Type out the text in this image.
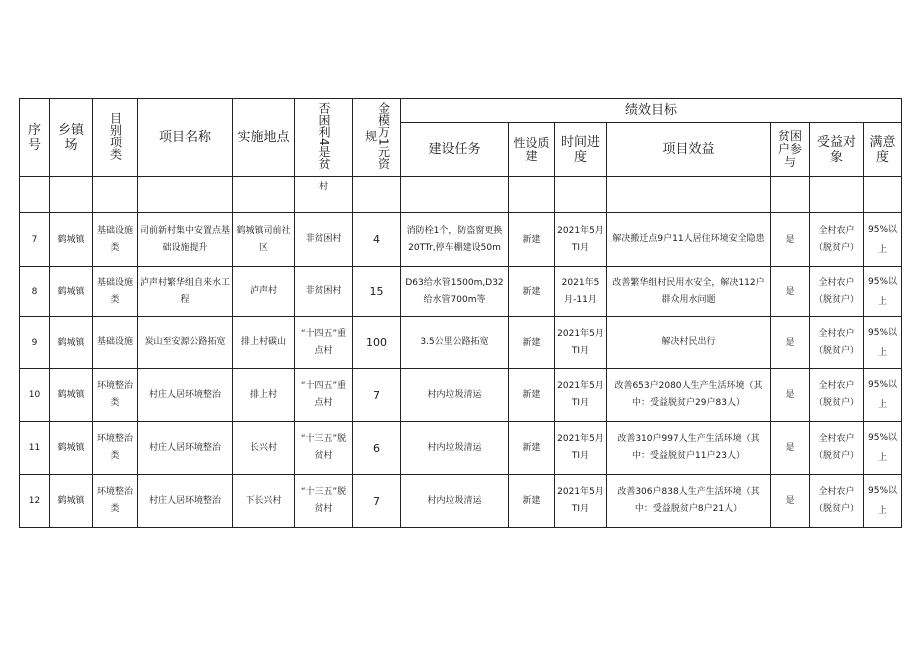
序号	乡镇场	目别项类	项目名称	实施地点	否困利4是贫	金模万1元资规	绩效目标						
							建设任务	性设质建	时间进度	项目效益	贫困户参与	受益对象	满意度
					村								
7	鹤城镇	基础设施类	司前新村集中安置点基础设施提升	鹤城镇司前社区	非贫困村	4	消防栓1个，防盗窗更换20TTr,停车棚建设50m	新建	2021年5月TI月	解决搬迁点9户11人居住环境安全隐患	是	全村农户（脱贫户）	95%以上
8	鹤城镇	基础设施类	泸声村繁华组自来水工程	泸声村	非贫困村	15	D63给水管1500m,D32给水管700m等	新建	2021年5月-11月	改善繁华组村民用水安全，解决112户群众用水问题	是	全村农户（脱贫户）	95%以上
9	鹤城镇	基础设施	炭山至安源公路拓宽	排上村碳山	“十四五”重点村	100	3.5公里公路拓宽	新建	2021年5月TI月	解决村民出行	是	全村农户（脱贫户）	95%以上
10	鹤城镇	环境整治类	村庄人居环境整治	排上村	“十四五”重点村	7	村内垃圾清运	新建	2021年5月TI月	改善653户2080人生产生活环境（其中：受益脱贫户29户83人）	是	全村农户（脱贫户）	95%以上
11	鹤城镇	环境整治类	村庄人居环境整治	长兴村	“十三五”脱贫村	6	村内垃圾清运	新建	2021年5月TI月	改善310户997人生产生活环境（其中：受益脱贫户11户23人）	是	全村农户（脱贫户）	95%以上
12	鹤城镇	环境整治类	村庄人居环境整治	下长兴村	“十三五”脱贫村	7	村内垃圾清运	新建	2021年5月TI月	改善306户838人生产生活环境（其中：受益脱贫户8户21人）	是	全村农户（脱贫户）	95%以上
